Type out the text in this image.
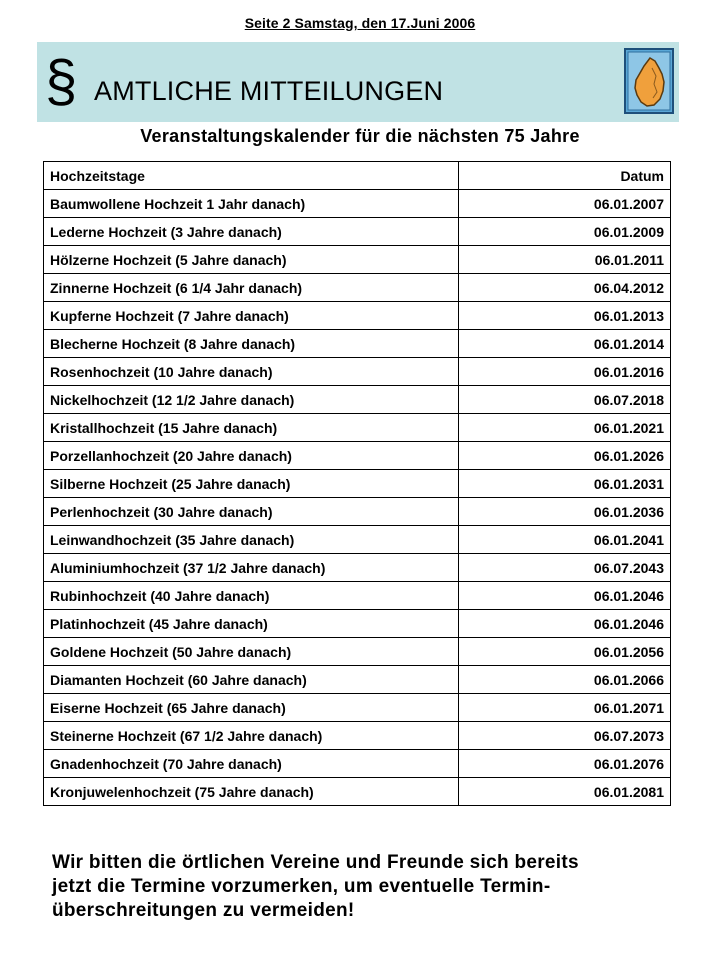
Seite 2 Samstag, den 17.Juni 2006
§ AMTLICHE MITTEILUNGEN
Veranstaltungskalender für die nächsten 75 Jahre
Hochzeitstage	Datum
Baumwollene Hochzeit 1 Jahr danach)	06.01.2007
Lederne Hochzeit (3 Jahre danach)	06.01.2009
Hölzerne Hochzeit (5 Jahre danach)	06.01.2011
Zinnerne Hochzeit (6 1/4 Jahr danach)	06.04.2012
Kupferne Hochzeit (7 Jahre danach)	06.01.2013
Blecherne Hochzeit (8 Jahre danach)	06.01.2014
Rosenhochzeit (10 Jahre danach)	06.01.2016
Nickelhochzeit (12 1/2 Jahre danach)	06.07.2018
Kristallhochzeit (15 Jahre danach)	06.01.2021
Porzellanhochzeit (20 Jahre danach)	06.01.2026
Silberne Hochzeit (25 Jahre danach)	06.01.2031
Perlenhochzeit (30 Jahre danach)	06.01.2036
Leinwandhochzeit (35 Jahre danach)	06.01.2041
Aluminiumhochzeit (37 1/2 Jahre danach)	06.07.2043
Rubinhochzeit (40 Jahre danach)	06.01.2046
Platinhochzeit (45 Jahre danach)	06.01.2046
Goldene Hochzeit (50 Jahre danach)	06.01.2056
Diamanten Hochzeit (60 Jahre danach)	06.01.2066
Eiserne Hochzeit (65 Jahre danach)	06.01.2071
Steinerne Hochzeit (67 1/2 Jahre danach)	06.07.2073
Gnadenhochzeit (70 Jahre danach)	06.01.2076
Kronjuwelenhochzeit (75 Jahre danach)	06.01.2081
Wir bitten die örtlichen Vereine und Freunde sich bereits
jetzt die Termine vorzumerken, um eventuelle Termin-
überschreitungen zu vermeiden!
